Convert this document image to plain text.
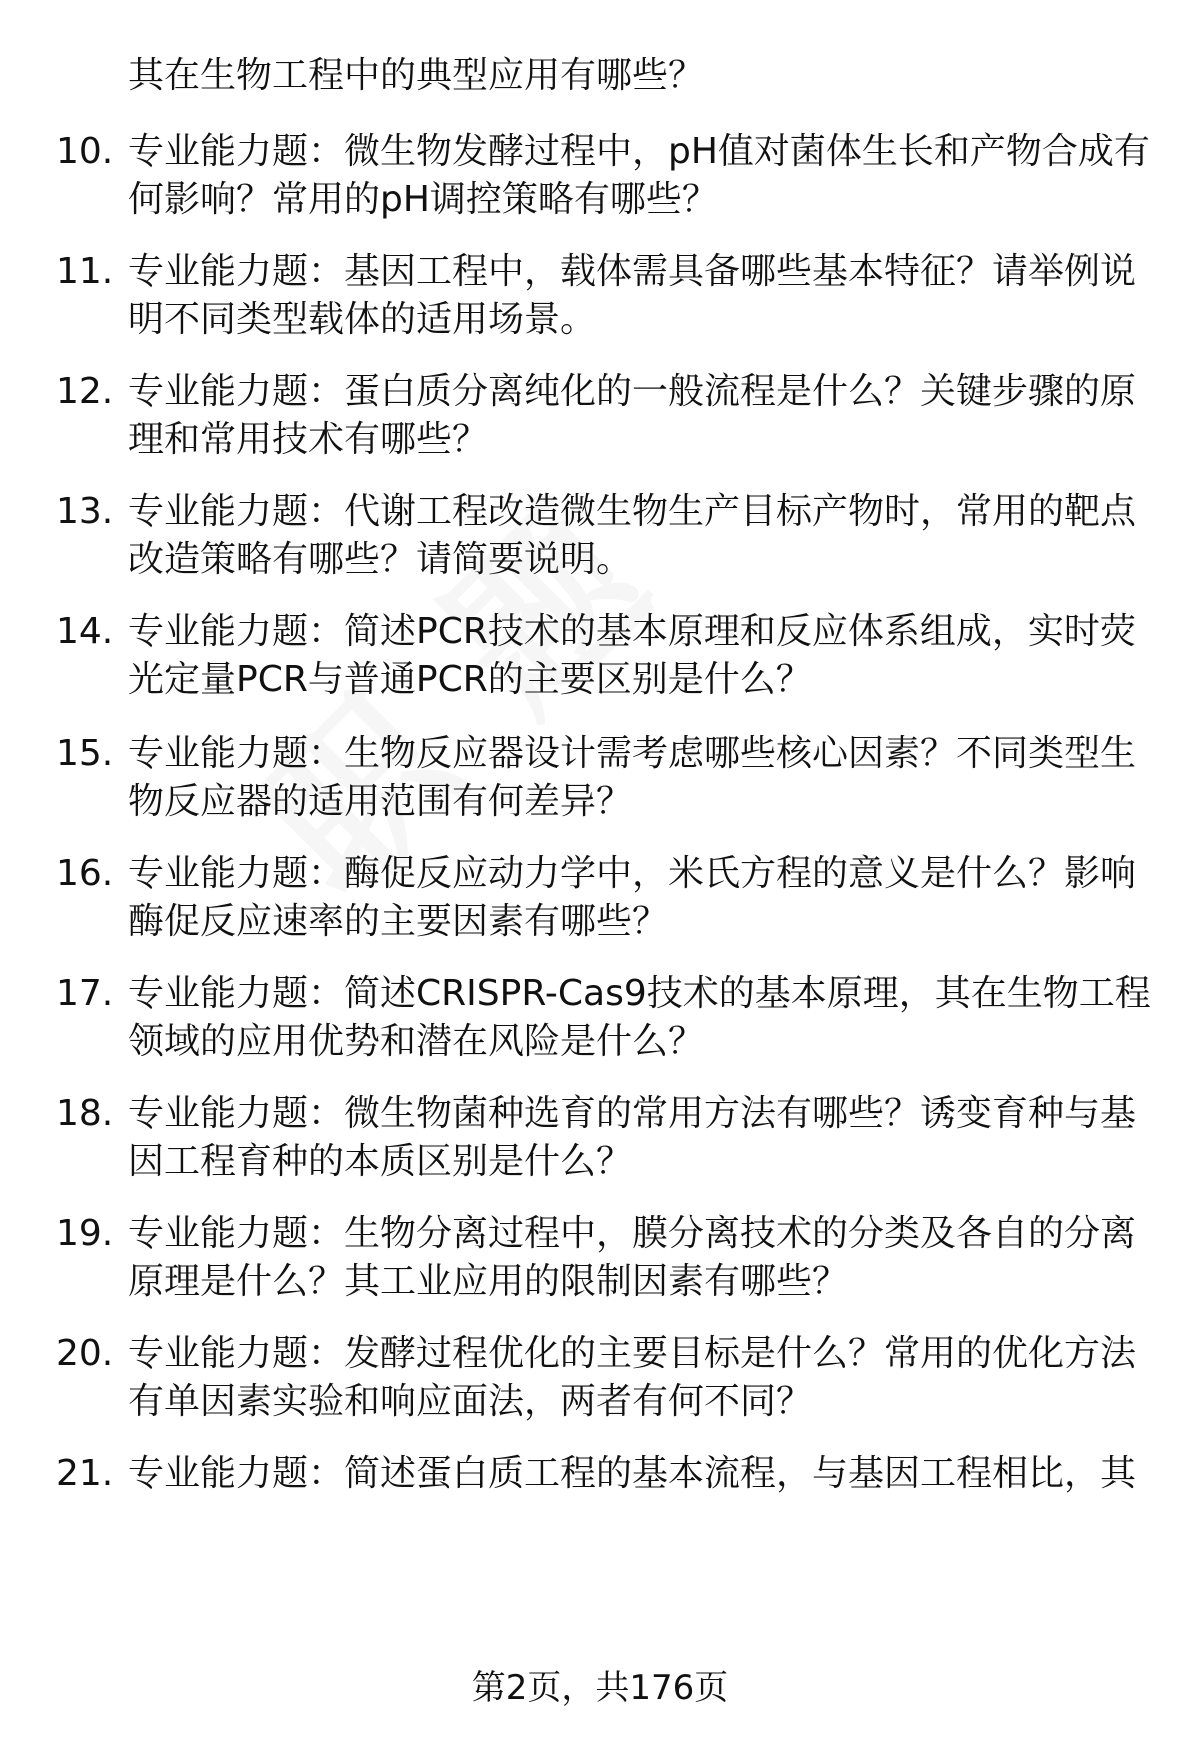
其在生物工程中的典型应用有哪些？
10. 专业能力题：微生物发酵过程中，pH值对菌体生长和产物合成有
何影响？常用的pH调控策略有哪些？
11. 专业能力题：基因工程中，载体需具备哪些基本特征？请举例说
明不同类型载体的适用场景。
12. 专业能力题：蛋白质分离纯化的一般流程是什么？关键步骤的原
理和常用技术有哪些？
13. 专业能力题：代谢工程改造微生物生产目标产物时，常用的靶点
改造策略有哪些？请简要说明。
14. 专业能力题：简述PCR技术的基本原理和反应体系组成，实时荧
光定量PCR与普通PCR的主要区别是什么？
15. 专业能力题：生物反应器设计需考虑哪些核心因素？不同类型生
物反应器的适用范围有何差异？
16. 专业能力题：酶促反应动力学中，米氏方程的意义是什么？影响
酶促反应速率的主要因素有哪些？
17. 专业能力题：简述CRISPR-Cas9技术的基本原理，其在生物工程
领域的应用优势和潜在风险是什么？
18. 专业能力题：微生物菌种选育的常用方法有哪些？诱变育种与基
因工程育种的本质区别是什么？
19. 专业能力题：生物分离过程中，膜分离技术的分类及各自的分离
原理是什么？其工业应用的限制因素有哪些？
20. 专业能力题：发酵过程优化的主要目标是什么？常用的优化方法
有单因素实验和响应面法，两者有何不同？
21. 专业能力题：简述蛋白质工程的基本流程，与基因工程相比，其
第2页，共176页
